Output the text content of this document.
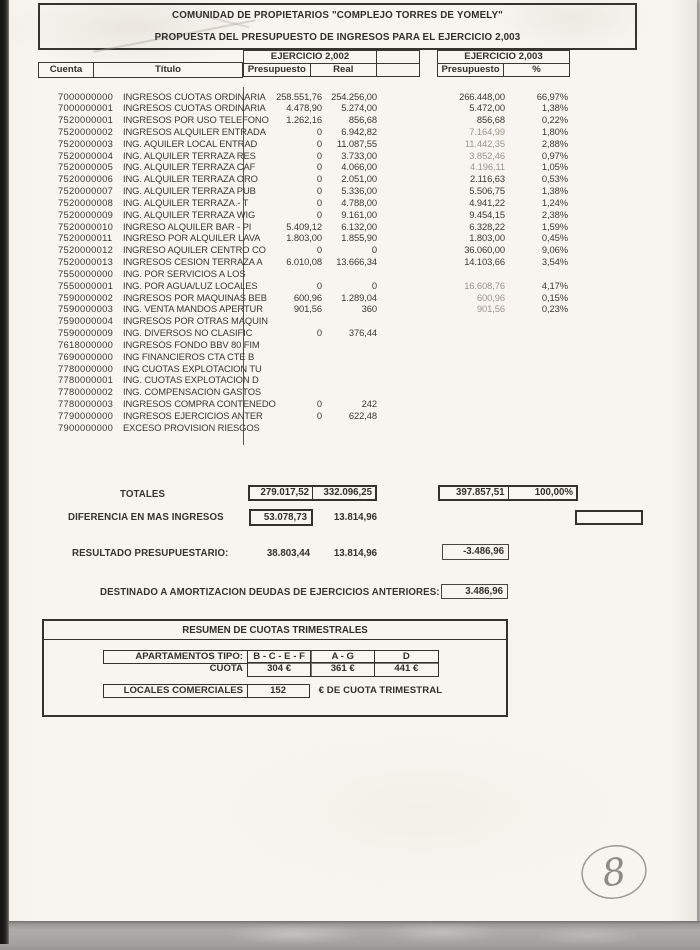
COMUNIDAD DE PROPIETARIOS "COMPLEJO TORRES DE YOMELY"
PROPUESTA DEL PRESUPUESTO DE INGRESOS PARA EL EJERCICIO 2,003
EJERCICIO 2,002
Presupuesto	Real
EJERCICIO 2,003
Presupuesto	%
Cuenta	Título
7000000000 INGRESOS CUOTAS ORDINARIA	258.551,76 254.256,00	266.448,00	66,97%
7000000001 INGRESOS CUOTAS ORDINARIA	4.478,90	5.274,00	5.472,00	1,38%
7520000001 INGRESOS POR USO TELEFONO	1.262,16	856,68	856,68	0,22%
7520000002 INGRESOS ALQUILER ENTRADA	0	6.942,82	7.164,99	1,80%
7520000003 ING. AQUILER LOCAL ENTRAD	0	11.087,55	11.442,35	2,88%
7520000004 ING. ALQUILER TERRAZA RES	0	3.733,00	3.852,46	0,97%
7520000005 ING. ALQUILER TERRAZA CAF	0	4.066,00	4.196,11	1,05%
7520000006 ING. ALQUILER TERRAZA ORO	0	2.051,00	2.116,63	0,53%
7520000007 ING. ALQUILER TERRAZA PUB	0	5.336,00	5.506,75	1,38%
7520000008 ING. ALQUILER TERRAZA.- T	0	4.788,00	4.941,22	1,24%
7520000009 ING. ALQUILER TERRAZA WIG	0	9.161,00	9.454,15	2,38%
7520000010 INGRESO ALQUILER BAR - PI	5.409,12	6.132,00	6.328,22	1,59%
7520000011 INGRESO POR ALQUILER LAVA	1.803,00	1.855,90	1.803,00	0,45%
7520000012 INGRESO AQUILER CENTRO CO	0	0	36.060,00	9,06%
7520000013 INGRESOS CESION TERRAZA A	6.010,08	13.666,34	14.103,66	3,54%
7550000000 ING. POR SERVICIOS A LOS
7550000001 ING. POR AGUA/LUZ LOCALES	0	0	16.608,76	4,17%
7590000002 INGRESOS POR MAQUINAS BEB	600,96	1.289,04	600,96	0,15%
7590000003 ING. VENTA MANDOS APERTUR	901,56	360	901,56	0,23%
7590000004 INGRESOS POR OTRAS MAQUIN
7590000009 ING. DIVERSOS NO CLASIFIC	0	376,44
7618000000 INGRESOS FONDO BBV 80 FIM
7690000000 ING FINANCIEROS CTA CTE B
7780000000 ING CUOTAS EXPLOTACION TU
7780000001 ING. CUOTAS EXPLOTACION D
7780000002 ING. COMPENSACION GASTOS
7780000003 INGRESOS COMPRA CONTENEDO	0	242
7790000000 INGRESOS EJERCICIOS ANTER	0	622,48
7900000000 EXCESO PROVISION RIESGOS
TOTALES	279.017,52	332.096,25	397.857,51	100,00%
DIFERENCIA EN MAS INGRESOS	53.078,73	13.814,96
RESULTADO PRESUPUESTARIO:	38.803,44	13.814,96	-3.486,96
DESTINADO A AMORTIZACION DEUDAS DE EJERCICIOS ANTERIORES:	3.486,96
RESUMEN DE CUOTAS TRIMESTRALES
APARTAMENTOS TIPO:	B - C - E - F	A - G	D
CUOTA	304 €	361 €	441 €
LOCALES COMERCIALES	152	€ DE CUOTA TRIMESTRAL
8
